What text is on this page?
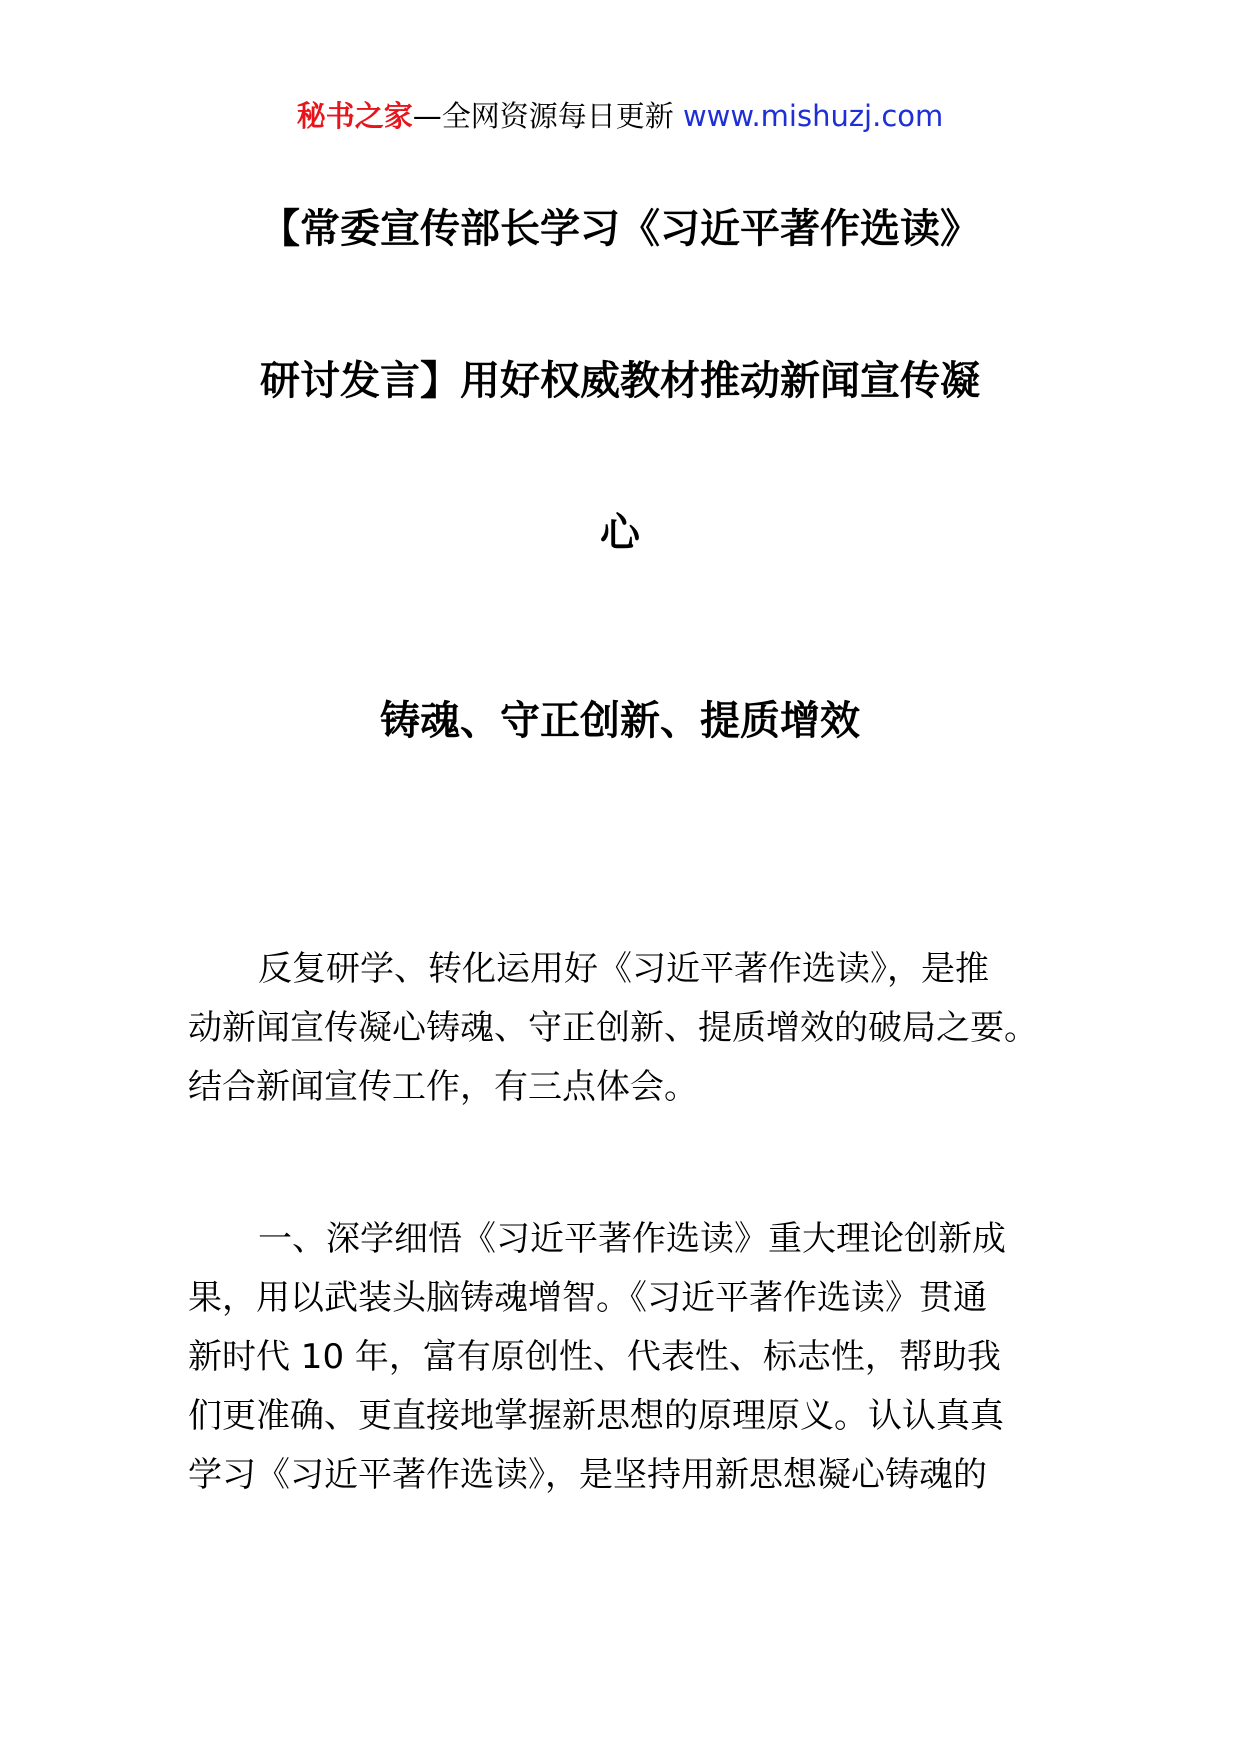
秘书之家—全网资源每日更新 www.mishuzj.com
【常委宣传部长学习《习近平著作选读》
研讨发言】用好权威教材推动新闻宣传凝
心
铸魂、守正创新、提质增效
反复研学、转化运用好《习近平著作选读》，是推
动新闻宣传凝心铸魂、守正创新、提质增效的破局之要。
结合新闻宣传工作，有三点体会。
一、深学细悟《习近平著作选读》重大理论创新成
果，用以武装头脑铸魂增智。《习近平著作选读》贯通
新时代 10 年，富有原创性、代表性、标志性，帮助我
们更准确、更直接地掌握新思想的原理原义。认认真真
学习《习近平著作选读》，是坚持用新思想凝心铸魂的
